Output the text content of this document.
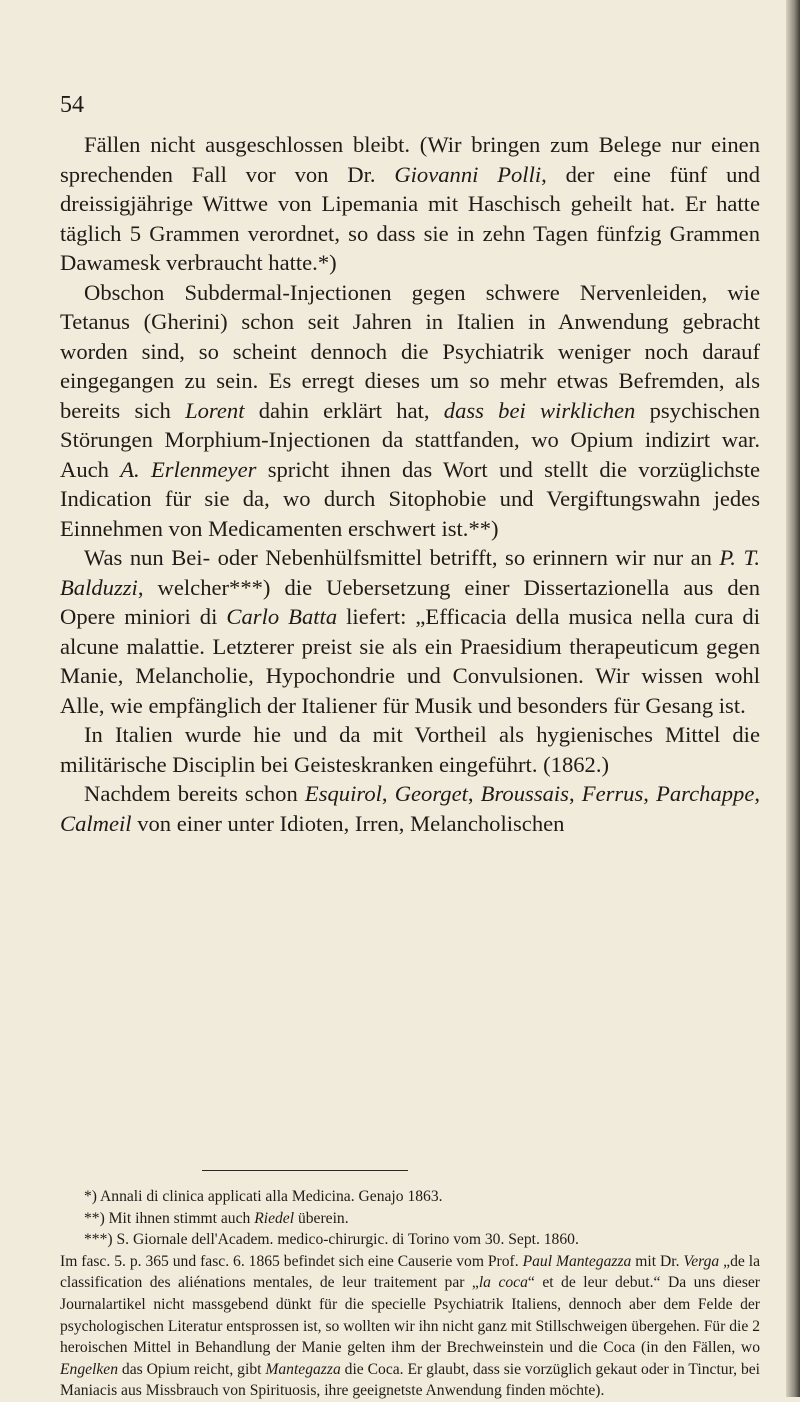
54

Fällen nicht ausgeschlossen bleibt. (Wir bringen zum Belege nur einen sprechenden Fall vor von Dr. Giovanni Polli, der eine fünf und dreissigjährige Wittwe von Lipemania mit Haschisch geheilt hat. Er hatte täglich 5 Grammen verordnet, so dass sie in zehn Tagen fünfzig Grammen Dawamesk verbraucht hatte.*)

Obschon Subdermal-Injectionen gegen schwere Nervenleiden, wie Tetanus (Gherini) schon seit Jahren in Italien in Anwendung gebracht worden sind, so scheint dennoch die Psychiatrik weniger noch darauf eingegangen zu sein. Es erregt dieses um so mehr etwas Befremden, als bereits sich Lorent dahin erklärt hat, dass bei wirklichen psychischen Störungen Morphium-Injectionen da stattfanden, wo Opium indizirt war. Auch A. Erlenmeyer spricht ihnen das Wort und stellt die vorzüglichste Indication für sie da, wo durch Sitophobie und Vergiftungswahn jedes Einnehmen von Medicamenten erschwert ist.**)

Was nun Bei- oder Nebenhülfsmittel betrifft, so erinnern wir nur an P. T. Balduzzi, welcher***) die Uebersetzung einer Dissertazionella aus den Opere miniori di Carlo Batta liefert: „Efficacia della musica nella cura di alcune malattie. Letzterer preist sie als ein Praesidium therapeuticum gegen Manie, Melancholie, Hypochondrie und Convulsionen. Wir wissen wohl Alle, wie empfänglich der Italiener für Musik und besonders für Gesang ist.

In Italien wurde hie und da mit Vortheil als hygienisches Mittel die militärische Disciplin bei Geisteskranken eingeführt. (1862.)

Nachdem bereits schon Esquirol, Georget, Broussais, Ferrus, Parchappe, Calmeil von einer unter Idioten, Irren, Melancholischen

*) Annali di clinica applicati alla Medicina. Genajo 1863.

**) Mit ihnen stimmt auch Riedel überein.

***) S. Giornale dell'Academ. medico-chirurgic. di Torino vom 30. Sept. 1860.

Im fasc. 5. p. 365 und fasc. 6. 1865 befindet sich eine Causerie vom Prof. Paul Mantegazza mit Dr. Verga „de la classification des aliénations mentales, de leur traitement par „la coca“ et de leur debut.“ Da uns dieser Journalartikel nicht massgebend dünkt für die specielle Psychiatrik Italiens, dennoch aber dem Felde der psychologischen Literatur entsprossen ist, so wollten wir ihn nicht ganz mit Stillschweigen übergehen. Für die 2 heroischen Mittel in Behandlung der Manie gelten ihm der Brechweinstein und die Coca (in den Fällen, wo Engelken das Opium reicht, gibt Mantegazza die Coca. Er glaubt, dass sie vorzüglich gekaut oder in Tinctur, bei Maniacis aus Missbrauch von Spirituosis, ihre geeignetste Anwendung finden möchte).
